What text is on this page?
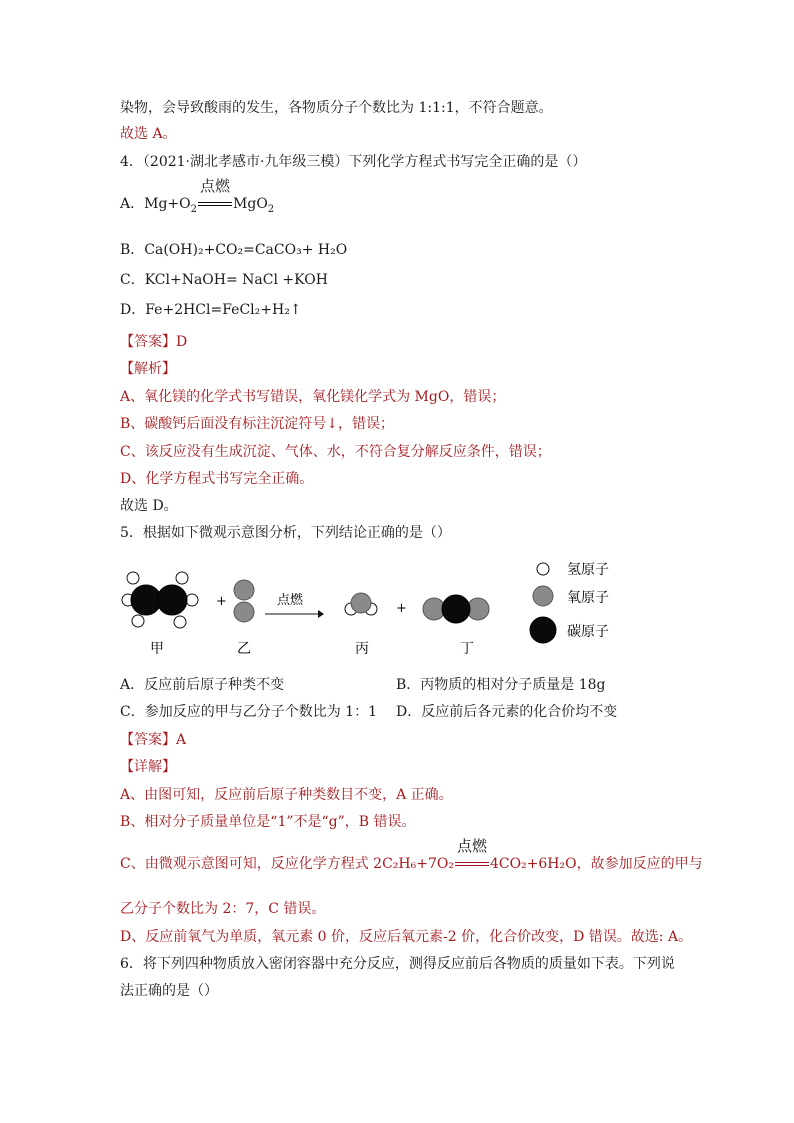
染物，会导致酸雨的发生，各物质分子个数比为 1:1:1，不符合题意。
故选 A。
4．（2021·湖北孝感市·九年级三模）下列化学方程式书写完全正确的是（）
A．$Mg+O_2$
点燃
MgO$_2$
B．Ca(OH)₂+CO₂=CaCO₃+ H₂O
C．KCl+NaOH= NaCl +KOH
D．Fe+2HCl=FeCl₂+H₂↑
【答案】D
【解析】
A、氧化镁的化学式书写错误，氧化镁化学式为 MgO，错误；
B、碳酸钙后面没有标注沉淀符号↓，错误；
C、该反应没有生成沉淀、气体、水，不符合复分解反应条件，错误；
D、化学方程式书写完全正确。
故选 D。
5．根据如下微观示意图分析，下列结论正确的是（）
+	点燃
+
甲	乙	丙	丁
氢原子
氧原子
碳原子
A．反应前后原子种类不变	B．丙物质的相对分子质量是 18g
C．参加反应的甲与乙分子个数比为 1：1 D．反应前后各元素的化合价均不变
【答案】A
【详解】
A、由图可知，反应前后原子种类数目不变，A 正确。
B、相对分子质量单位是“1”不是“g”，B 错误。
C、由微观示意图可知，反应化学方程式 2C₂H₆+7O₂
点燃
4CO₂+6H₂O，故参加反应的甲与
乙分子个数比为 2：7，C 错误。
D、反应前氧气为单质，氧元素 0 价，反应后氧元素-2 价，化合价改变，D 错误。故选: A。
6．将下列四种物质放入密闭容器中充分反应，测得反应前后各物质的质量如下表。下列说
法正确的是（）
